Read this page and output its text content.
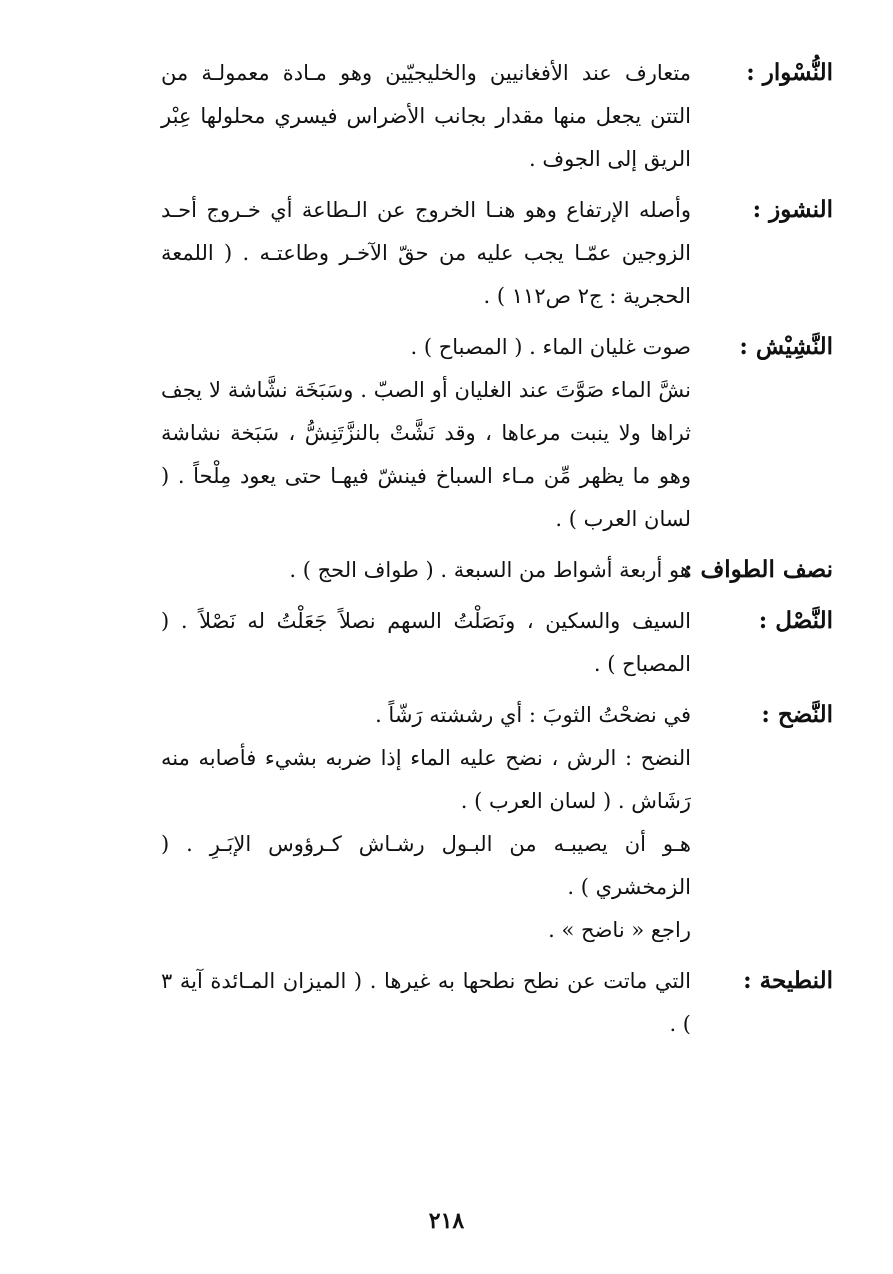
النُّسْوار :

متعارف عند الأفغانيين والخليجيّين وهو مـادة معمولـة من التتن يجعل منها مقدار بجانب الأضراس فيسري محلولها عِبْر الريق إلى الجوف .

النشوز :

وأصله الإرتفاع وهو هنـا الخروج عن الـطاعة أي خـروج أحـد الزوجين عمّـا يجب عليه من حقّ الآخـر وطاعتـه . ( اللمعة الحجرية : ج٢ ص١١٢ ) .

النَّشِيْش :

صوت غليان الماء . ( المصباح ) .

نشَّ الماء صَوَّتَ عند الغليان أو الصبّ . وسَبَخَة نشَّاشة لا يجف ثراها ولا ينبت مرعاها ، وقد نَشَّتْ بالنزَّتَنِشُّ ، سَبَخة نشاشة وهو ما يظهر مِّن مـاء السباخ فينشّ فيهـا حتى يعود مِلْحاً . ( لسان العرب ) .

نصف الطواف :

هو أربعة أشواط من السبعة . ( طواف الحج ) .

النَّصْل :

السيف والسكين ، ونَصَلْتُ السهم نصلاً جَعَلْتُ له نَصْلاً . ( المصباح ) .

النَّضح :

في نضحْتُ الثوبَ : أي رششته رَشّاً .

النضح : الرش ، نضح عليه الماء إذا ضربه بشيء فأصابه منه رَشَاش . ( لسان العرب ) .

هـو أن يصيبـه من البـول رشـاش كـرؤوس الإبَـرِ . ( الزمخشري ) .

راجع « ناضح » .

النطيحة :

التي ماتت عن نطح نطحها به غيرها . ( الميزان المـائدة آية ٣ ) .

٢١٨
